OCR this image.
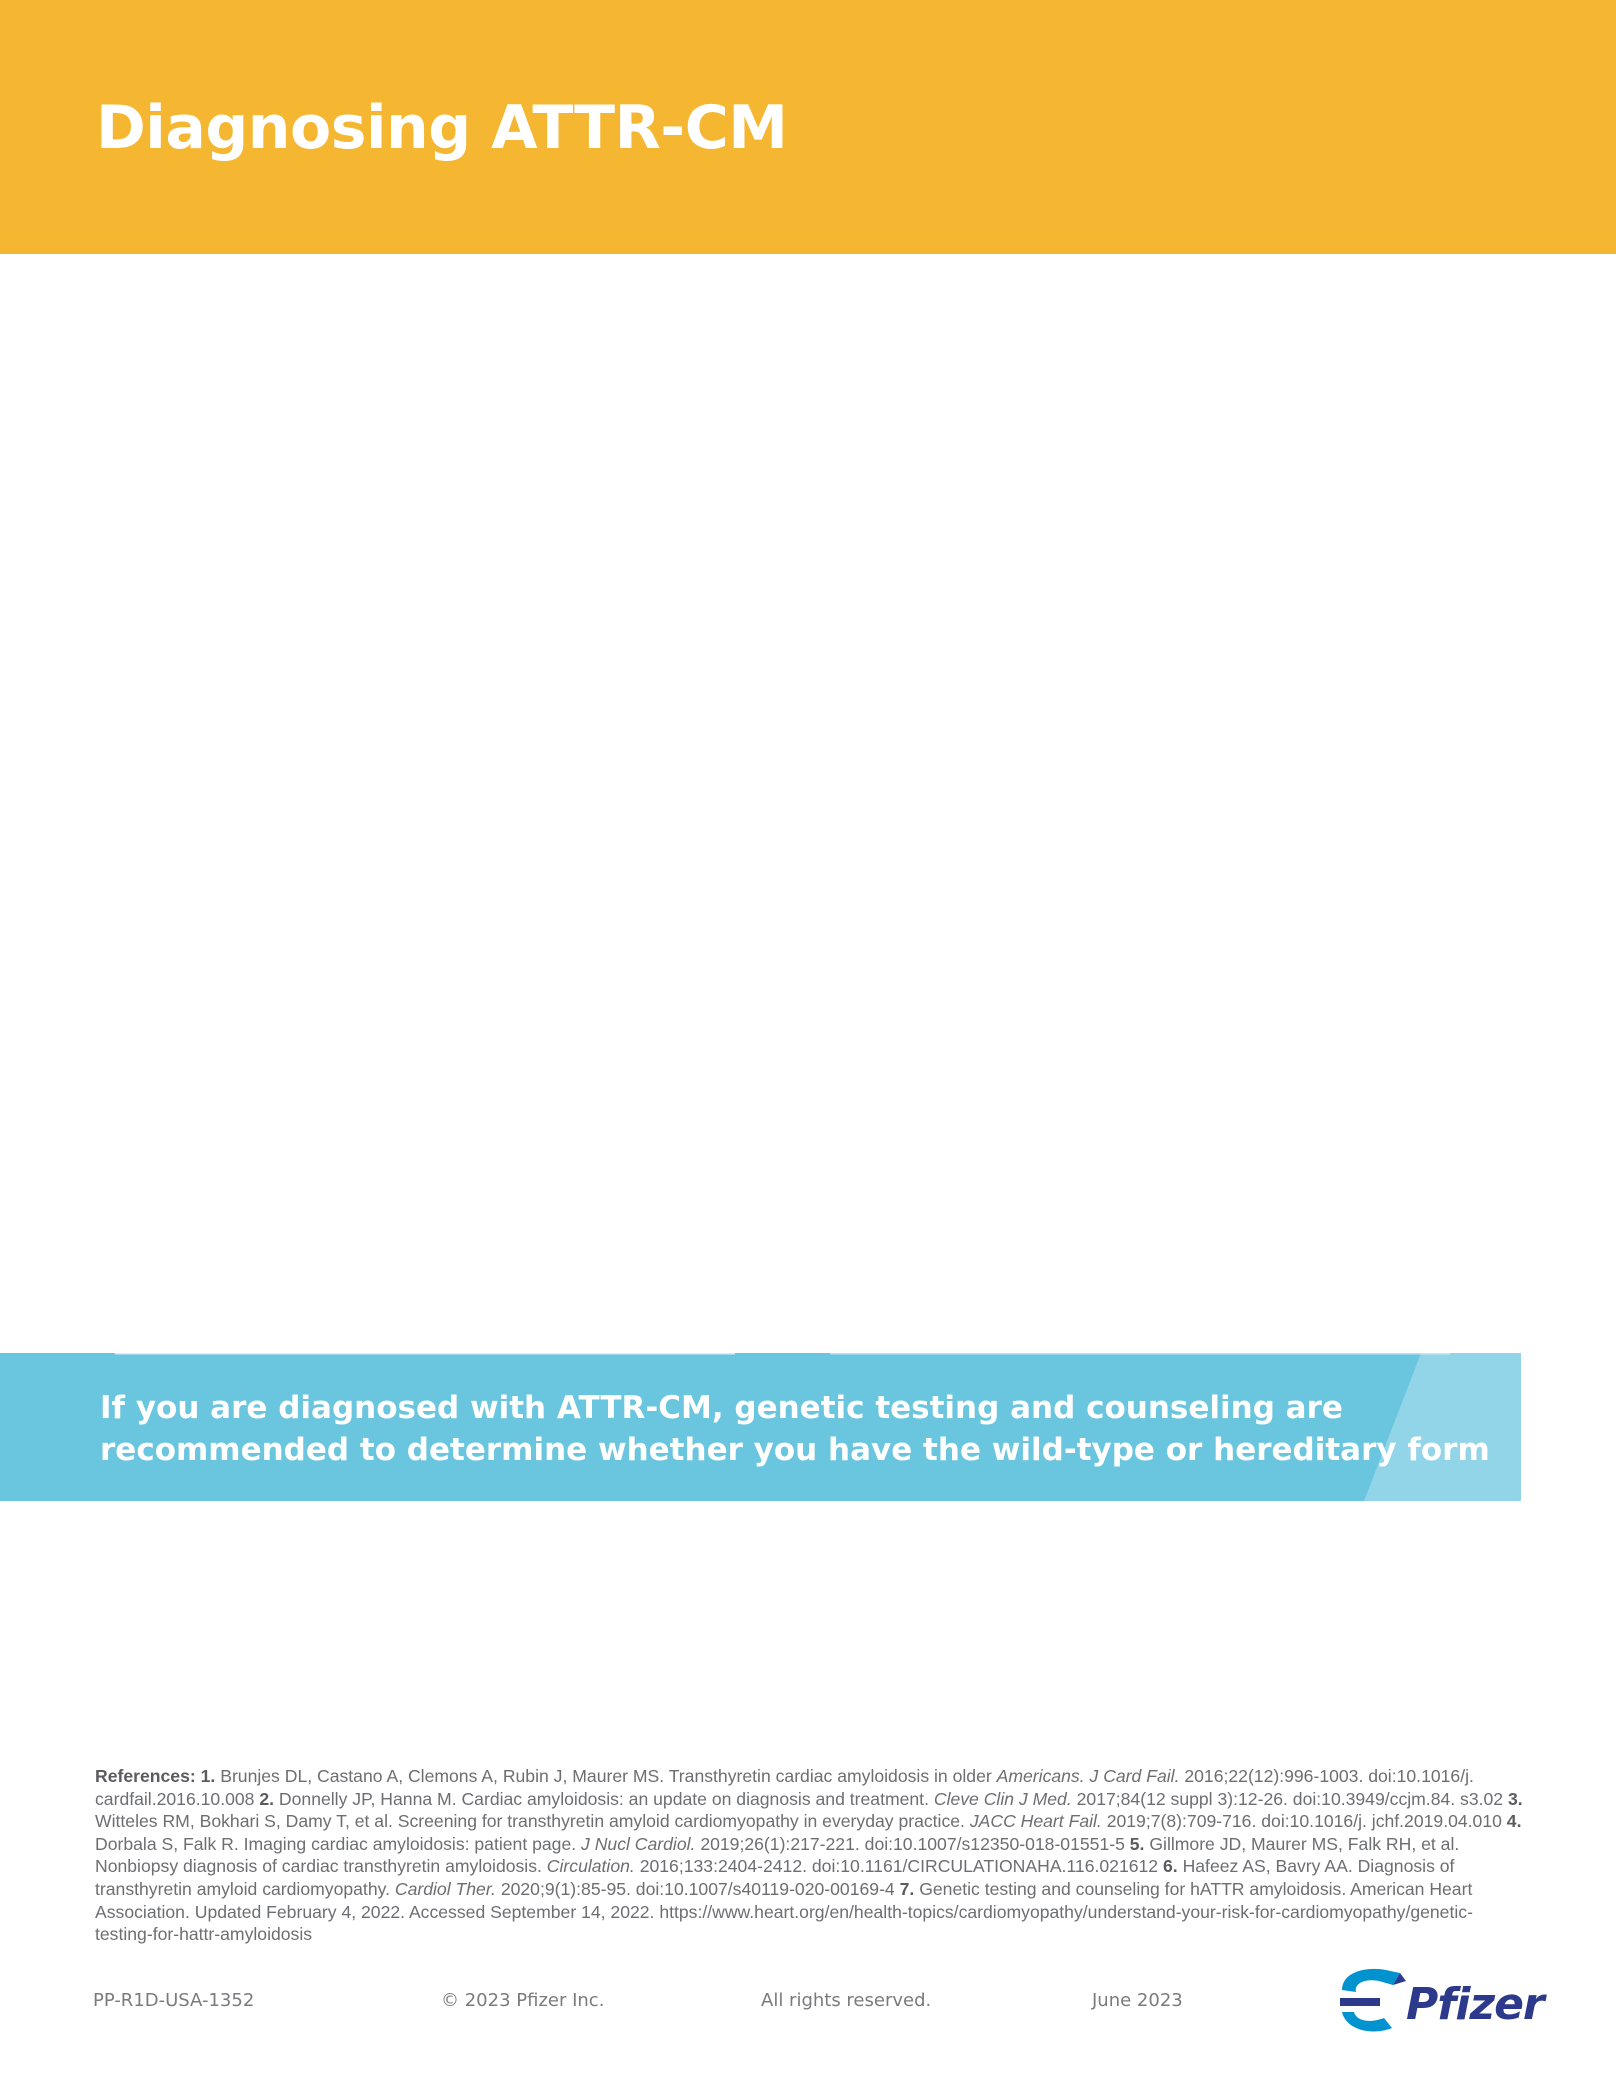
Diagnosing ATTR-CM
If you are diagnosed with ATTR-CM, genetic testing and counseling are
recommended to determine whether you have the wild-type or hereditary form
References: 1. Brunjes DL, Castano A, Clemons A, Rubin J, Maurer MS. Transthyretin cardiac amyloidosis in older Americans. J Card Fail. 2016;22(12):996-1003. doi:10.1016/j. cardfail.2016.10.008 2. Donnelly JP, Hanna M. Cardiac amyloidosis: an update on diagnosis and treatment. Cleve Clin J Med. 2017;84(12 suppl 3):12-26. doi:10.3949/ccjm.84. s3.02 3. Witteles RM, Bokhari S, Damy T, et al. Screening for transthyretin amyloid cardiomyopathy in everyday practice. JACC Heart Fail. 2019;7(8):709-716. doi:10.1016/j. jchf.2019.04.010 4. Dorbala S, Falk R. Imaging cardiac amyloidosis: patient page. J Nucl Cardiol. 2019;26(1):217-221. doi:10.1007/s12350-018-01551-5 5. Gillmore JD, Maurer MS, Falk RH, et al. Nonbiopsy diagnosis of cardiac transthyretin amyloidosis. Circulation. 2016;133:2404-2412. doi:10.1161/CIRCULATIONAHA.116.021612 6. Hafeez AS, Bavry AA. Diagnosis of transthyretin amyloid cardiomyopathy. Cardiol Ther. 2020;9(1):85-95. doi:10.1007/s40119-020-00169-4 7. Genetic testing and counseling for hATTR amyloidosis. American Heart Association. Updated February 4, 2022. Accessed September 14, 2022. https://www.heart.org/en/health-topics/cardiomyopathy/understand-your-risk-for-cardiomyopathy/genetic-testing-for-hattr-amyloidosis
PP-R1D-USA-1352	© 2023 Pfizer Inc.	All rights reserved.	June 2023	Pfizer
